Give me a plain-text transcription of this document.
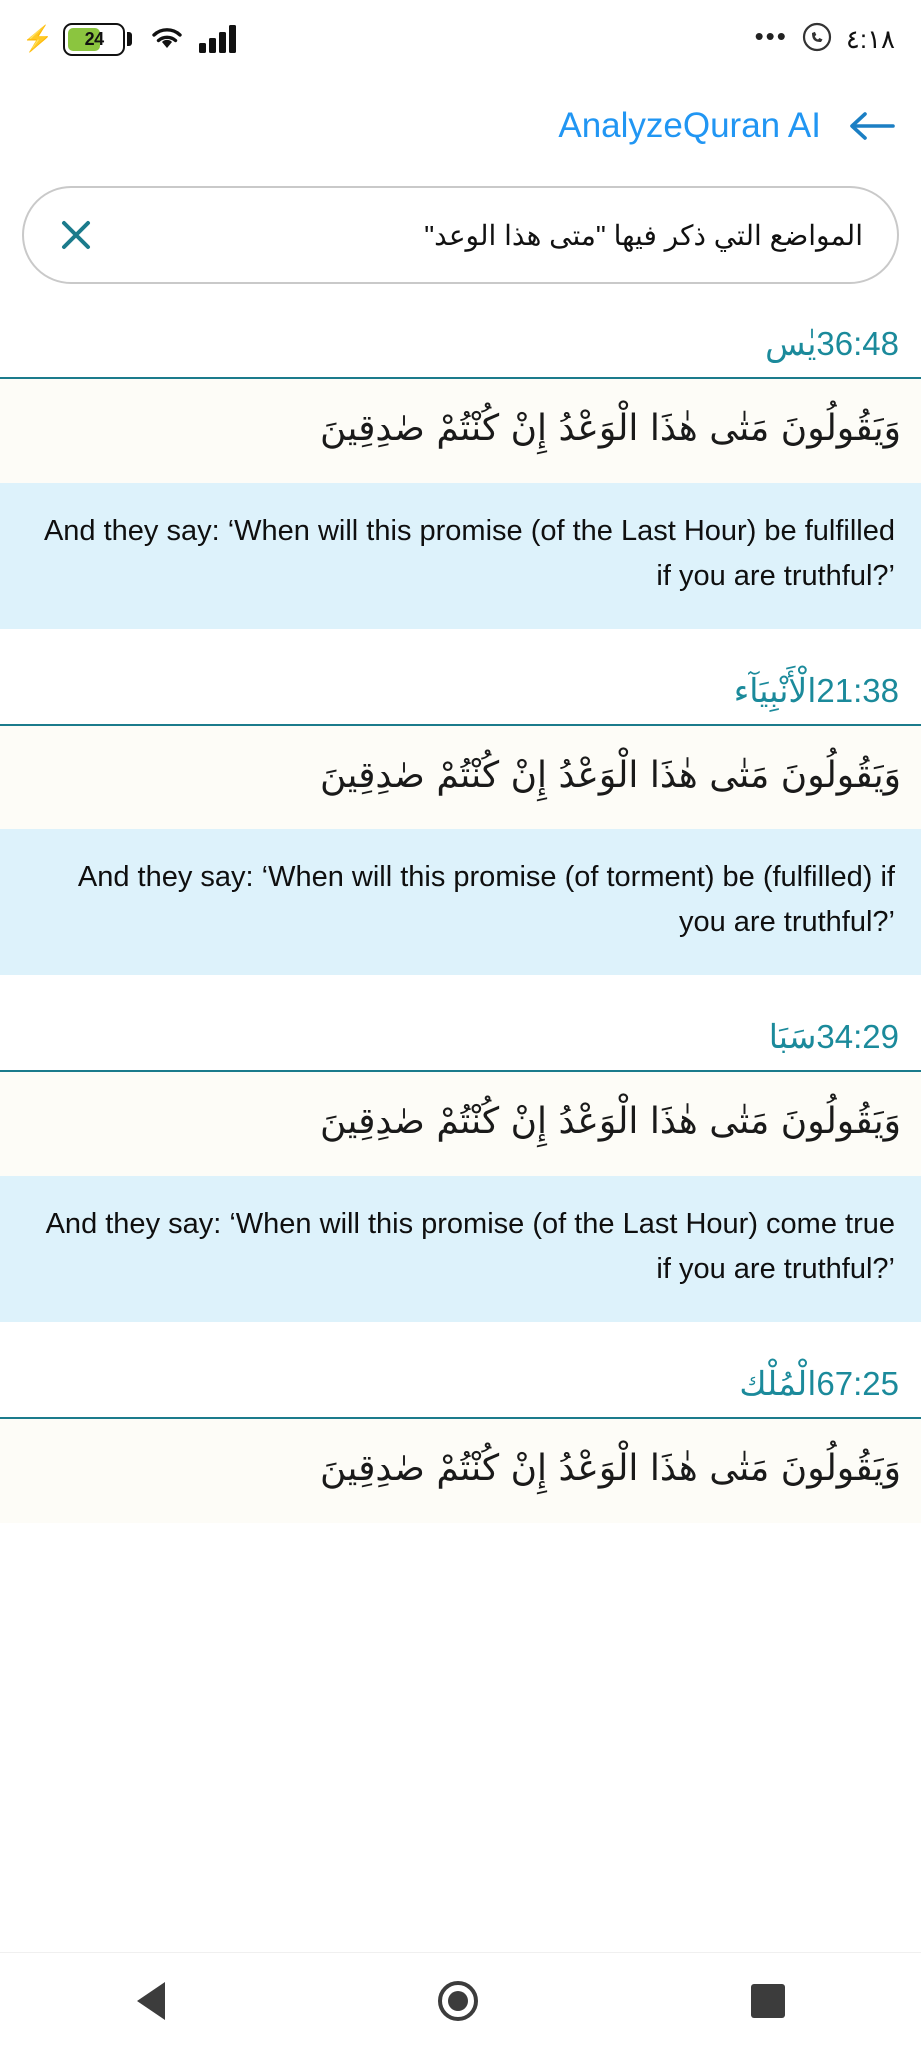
⚡	24	••• ٤:١٨
AnalyzeQuran AI
المواضع التي ذكر فيها "متى هذا الوعد"
36:48يٰس
وَيَقُولُونَ مَتٰى هٰذَا الْوَعْدُ إِنْ كُنْتُمْ صٰدِقِينَ
And they say: ‘When will this promise (of the Last Hour) be fulfilled if you are truthful?’
21:38الْأَنْبِيَآء
وَيَقُولُونَ مَتٰى هٰذَا الْوَعْدُ إِنْ كُنْتُمْ صٰدِقِينَ
And they say: ‘When will this promise (of torment) be (fulfilled) if you are truthful?’
34:29سَبَا
وَيَقُولُونَ مَتٰى هٰذَا الْوَعْدُ إِنْ كُنْتُمْ صٰدِقِينَ
And they say: ‘When will this promise (of the Last Hour) come true if you are truthful?’
67:25الْمُلْك
وَيَقُولُونَ مَتٰى هٰذَا الْوَعْدُ إِنْ كُنْتُمْ صٰدِقِينَ
